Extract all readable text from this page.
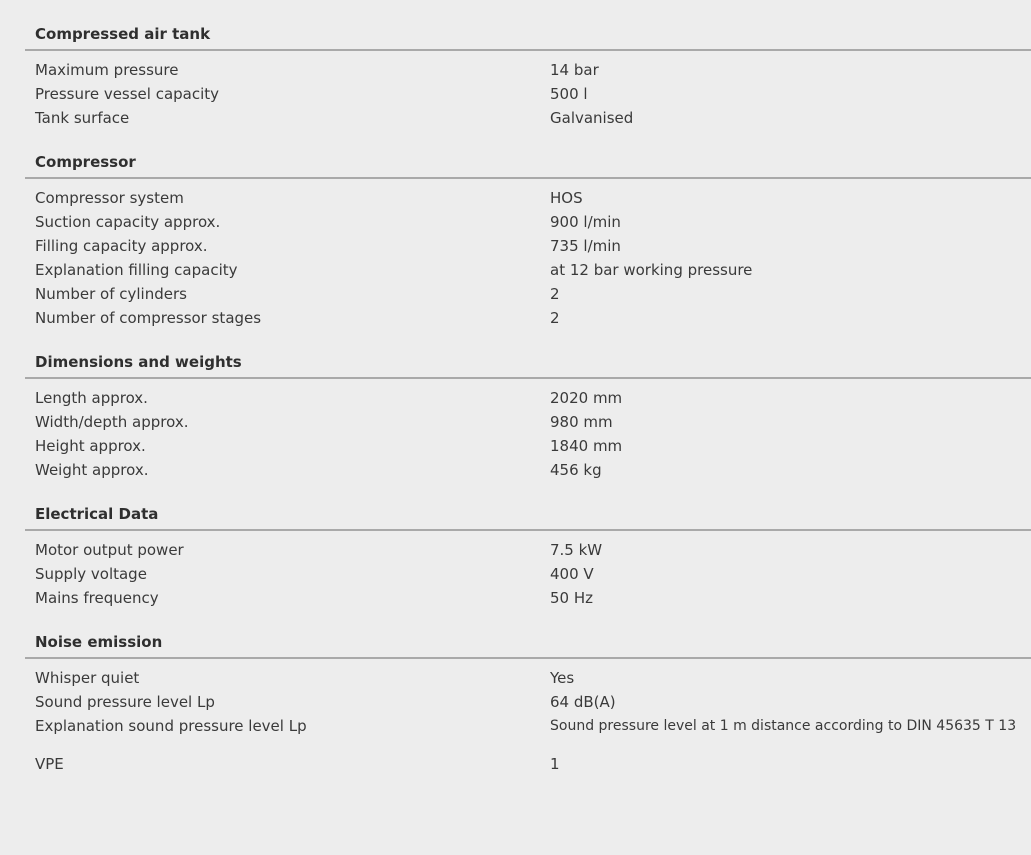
Compressed air tank
Maximum pressure	14 bar
Pressure vessel capacity	500 l
Tank surface	Galvanised
Compressor
Compressor system	HOS
Suction capacity approx.	900 l/min
Filling capacity approx.	735 l/min
Explanation filling capacity	at 12 bar working pressure
Number of cylinders	2
Number of compressor stages	2
Dimensions and weights
Length approx.	2020 mm
Width/depth approx.	980 mm
Height approx.	1840 mm
Weight approx.	456 kg
Electrical Data
Motor output power	7.5 kW
Supply voltage	400 V
Mains frequency	50 Hz
Noise emission
Whisper quiet	Yes
Sound pressure level Lp	64 dB(A)
Explanation sound pressure level Lp	Sound pressure level at 1 m distance according to DIN 45635 T 13
VPE	1
